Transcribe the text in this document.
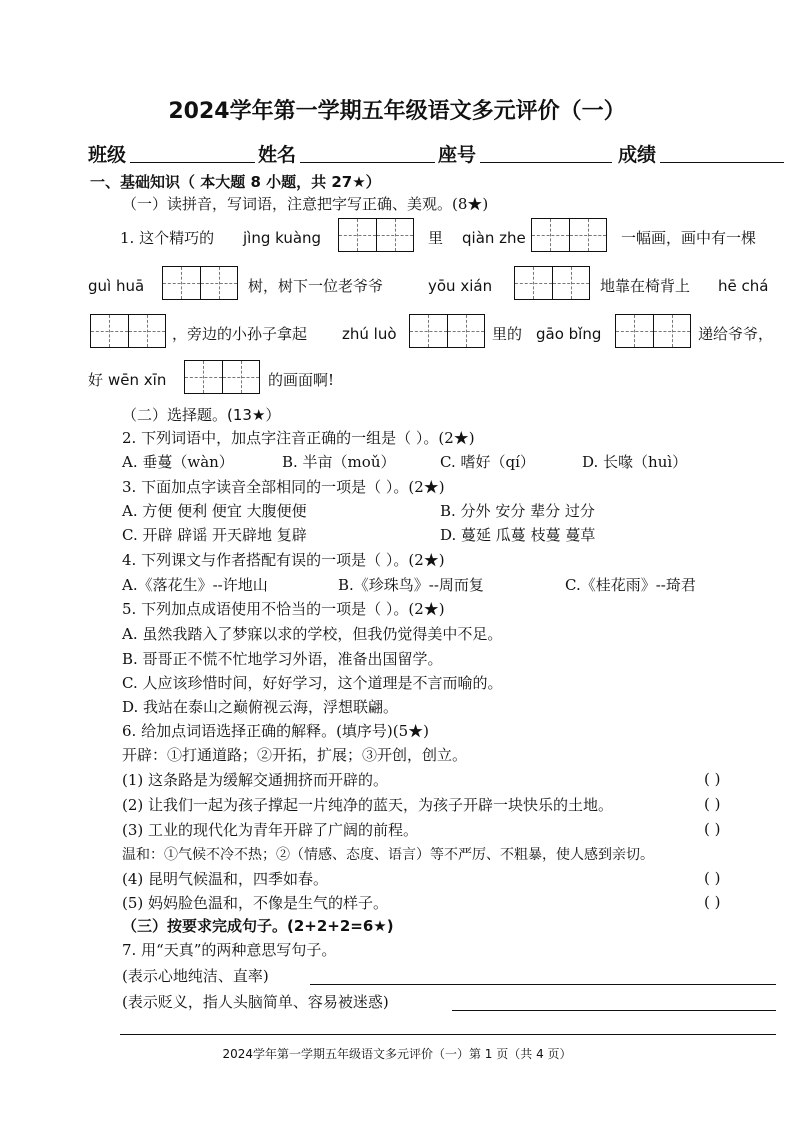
2024学年第一学期五年级语文多元评价（一）
班级	姓名	座号	成绩
一、基础知识（ 本大题 8 小题，共 27★）
（一）读拼音，写词语，注意把字写正确、美观。(8★)
1. 这个精巧的 jìng kuàng	里 qiàn zhe	一幅画，画中有一棵
guì huā	树，树下一位老爷爷	yōu xián	地靠在椅背上 hē chá
，旁边的小孙子拿起 zhú luò	里的 gāo bǐng	递给爷爷，
好 wēn xīn	的画面啊!
（二）选择题。(13★）
2. 下列词语中，加点字注音正确的一组是（ ）。(2★)
A. 垂蔓（wàn）	B. 半亩（moǔ）	C. 嗜好（qí）	D. 长喙（huì）
3. 下面加点字读音全部相同的一项是（ ）。(2★)
A. 方便 便利 便宜 大腹便便	B. 分外 安分 辈分 过分
C. 开辟 辟谣 开天辟地 复辟	D. 蔓延 瓜蔓 枝蔓 蔓草
4. 下列课文与作者搭配有误的一项是（ ）。(2★)
A.《落花生》--许地山	B.《珍珠鸟》--周而复	C.《桂花雨》--琦君
5. 下列加点成语使用不恰当的一项是（ ）。(2★)
A. 虽然我踏入了梦寐以求的学校，但我仍觉得美中不足。
B. 哥哥正不慌不忙地学习外语，准备出国留学。
C. 人应该珍惜时间，好好学习，这个道理是不言而喻的。
D. 我站在泰山之巅俯视云海，浮想联翩。
6. 给加点词语选择正确的解释。(填序号)(5★)
开辟：①打通道路；②开拓，扩展；③开创，创立。
(1) 这条路是为缓解交通拥挤而开辟的。	( )
(2) 让我们一起为孩子撑起一片纯净的蓝天，为孩子开辟一块快乐的土地。	( )
(3) 工业的现代化为青年开辟了广阔的前程。	( )
温和：①气候不冷不热；②（情感、态度、语言）等不严厉、不粗暴，使人感到亲切。
(4) 昆明气候温和，四季如春。	( )
(5) 妈妈脸色温和，不像是生气的样子。	( )
（三）按要求完成句子。(2+2+2=6★)
7. 用“天真”的两种意思写句子。
(表示心地纯洁、直率)
(表示贬义，指人头脑简单、容易被迷惑)
2024学年第一学期五年级语文多元评价（一）第 1 页（共 4 页）
